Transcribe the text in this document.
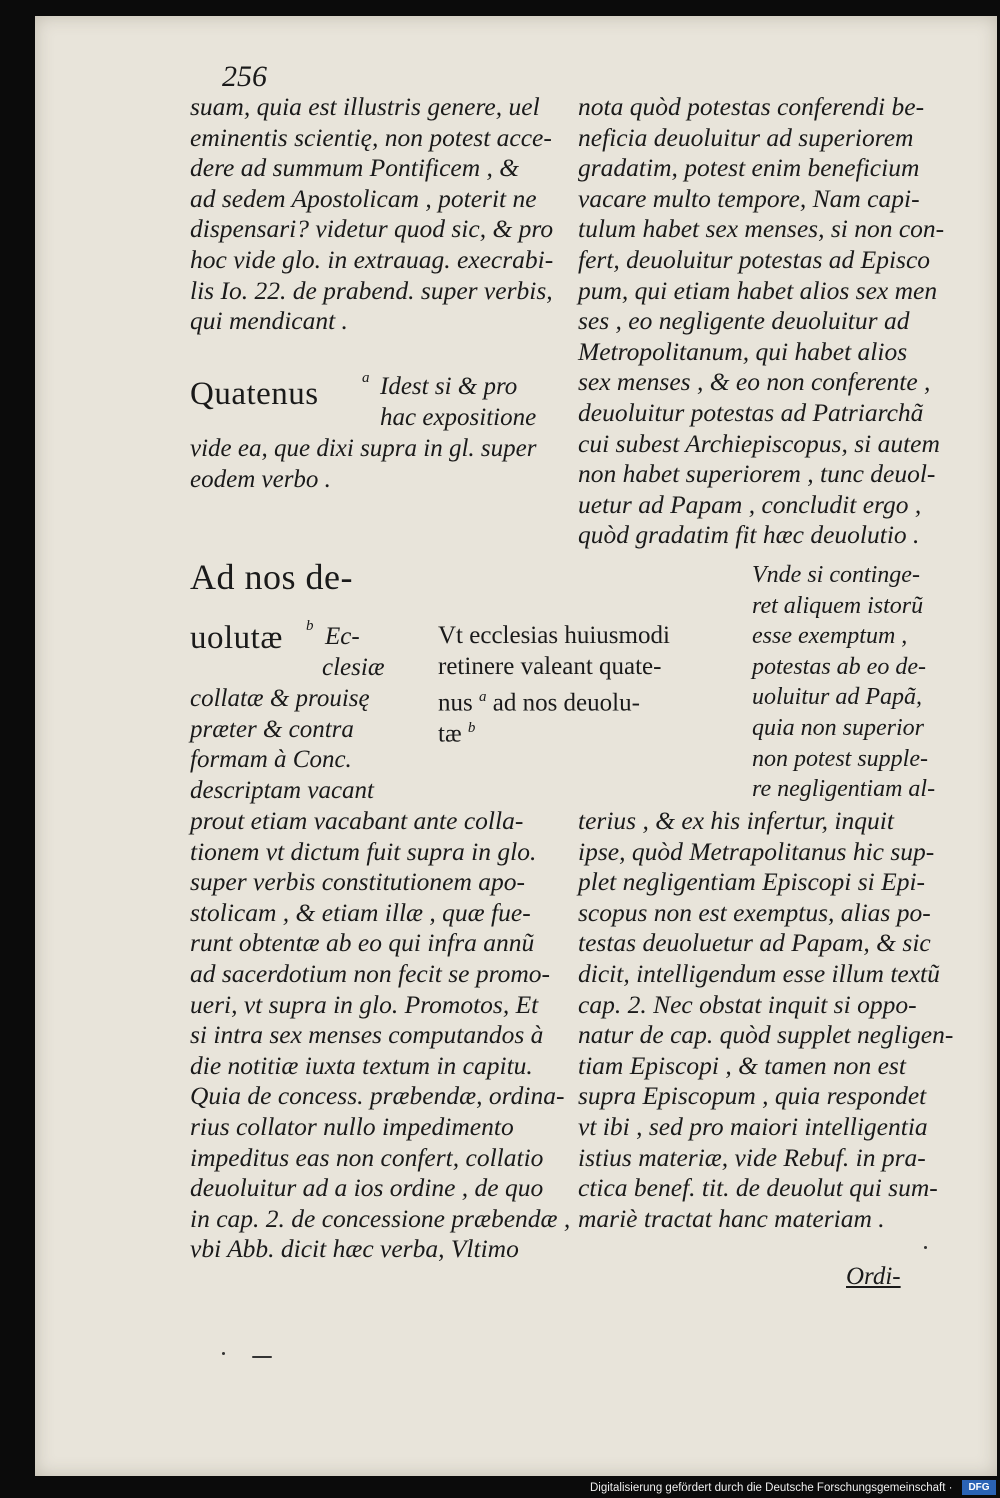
256
suam, quia est illustris genere, uel
eminentis scientię, non potest acce-
dere ad summum Pontificem , &
ad sedem Apostolicam , poterit ne
dispensari? videtur quod sic, & pro
hoc vide glo. in extrauag. execrabi-
lis Io. 22. de prabend. super verbis,
qui mendicant .
Quatenus	a Idest si & pro
hac expositione
vide ea, que dixi supra in gl. super
eodem verbo .
Ad nos de-
uolutæ b Ec-
clesiæ
collatæ & prouisę
præter & contra
formam à Conc.
descriptam vacant
Vt ecclesias huiusmodi
retinere valeant quate-
nus $^a$ ad nos deuolu-
tæ $^b$
prout etiam vacabant ante colla-
tionem vt dictum fuit supra in glo.
super verbis constitutionem apo-
stolicam , & etiam illæ , quæ fue-
runt obtentæ ab eo qui infra annũ
ad sacerdotium non fecit se promo-
ueri, vt supra in glo. Promotos, Et
si intra sex menses computandos à
die notitiæ iuxta textum in capitu.
Quia de concess. præbendæ, ordina-
rius collator nullo impedimento
impeditus eas non confert, collatio
deuoluitur ad a ios ordine , de quo
in cap. 2. de concessione præbendæ ,
vbi Abb. dicit hæc verba, Vltimo
nota quòd potestas conferendi be-
neficia deuoluitur ad superiorem
gradatim, potest enim beneficium
vacare multo tempore, Nam capi-
tulum habet sex menses, si non con-
fert, deuoluitur potestas ad Episco
pum, qui etiam habet alios sex men
ses , eo negligente deuoluitur ad
Metropolitanum, qui habet alios
sex menses , & eo non conferente ,
deuoluitur potestas ad Patriarchã
cui subest Archiepiscopus, si autem
non habet superiorem , tunc deuol-
uetur ad Papam , concludit ergo ,
quòd gradatim fit hæc deuolutio .
Vnde si continge-
ret aliquem istorũ
esse exemptum ,
potestas ab eo de-
uoluitur ad Papã,
quia non superior
non potest supple-
re negligentiam al-
terius , & ex his infertur, inquit
ipse, quòd Metrapolitanus hic sup-
plet negligentiam Episcopi si Epi-
scopus non est exemptus, alias po-
testas deuoluetur ad Papam, & sic
dicit, intelligendum esse illum textũ
cap. 2. Nec obstat inquit si oppo-
natur de cap. quòd supplet negligen-
tiam Episcopi , & tamen non est
supra Episcopum , quia respondet
vt ibi , sed pro maiori intelligentia
istius materiæ, vide Rebuf. in pra-
ctica benef. tit. de deuolut qui sum-
mariè tractat hanc materiam .
Ordi-
Digitalisierung gefördert durch die Deutsche Forschungsgemeinschaft ·	DFG
